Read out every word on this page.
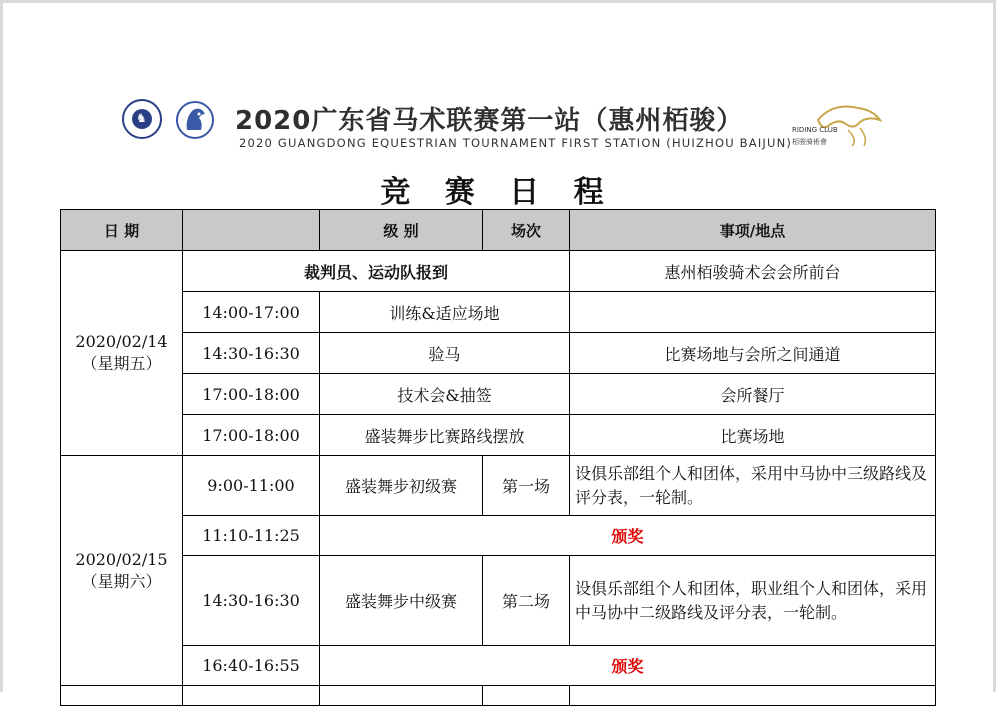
♞	2020广东省马术联赛第一站（惠州栢骏）
2020 GUANGDONG EQUESTRIAN TOURNAMENT FIRST STATION (HUIZHOU BAIJUN)
RIDING CLUB
栢骏骑術會
竞 赛 日 程
日 期		级 别	场次	事项/地点

2020/02/14
（星期五）	裁判员、运动队报到			惠州栢骏骑术会会所前台
	14:00-17:00	训练&适应场地		
	14:30-16:30	验马		比赛场地与会所之间通道
	17:00-18:00	技术会&抽签		会所餐厅
	17:00-18:00	盛装舞步比赛路线摆放		比赛场地

2020/02/15
（星期六）	9:00-11:00	盛装舞步初级赛	第一场	设俱乐部组个人和团体，采用中马协中三级路线及评分表，一轮制。
	11:10-11:25	颁奖		
	14:30-16:30	盛装舞步中级赛	第二场	设俱乐部组个人和团体，职业组个人和团体，采用中马协中二级路线及评分表，一轮制。
	16:40-16:55	颁奖		
